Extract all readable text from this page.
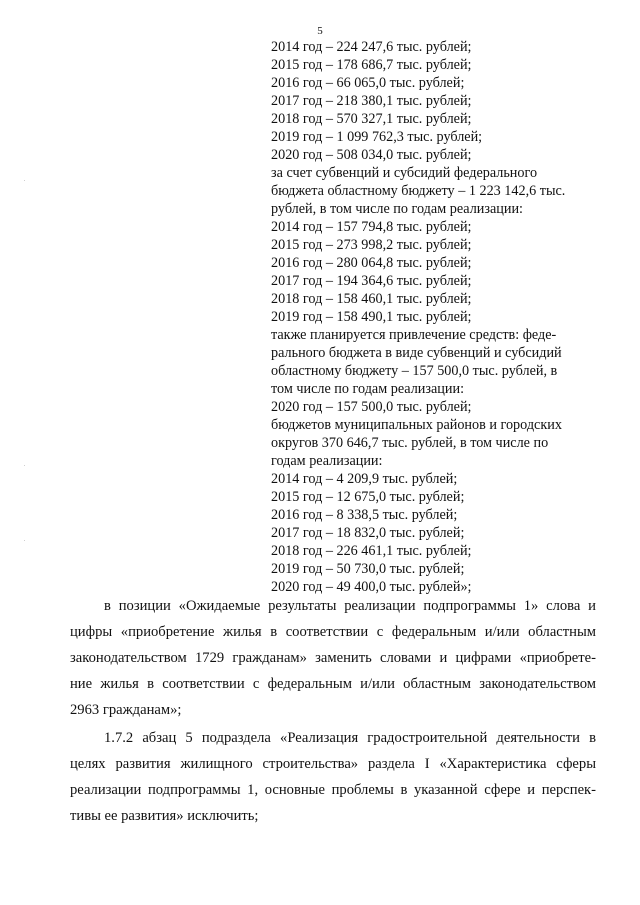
5
2014 год – 224 247,6 тыс. рублей;
2015 год – 178 686,7 тыс. рублей;
2016 год – 66 065,0 тыс. рублей;
2017 год – 218 380,1 тыс. рублей;
2018 год – 570 327,1 тыс. рублей;
2019 год – 1 099 762,3 тыс. рублей;
2020 год – 508 034,0 тыс. рублей;
за счет субвенций и субсидий федерального
бюджета областному бюджету – 1 223 142,6 тыс.
рублей, в том числе по годам реализации:
2014 год – 157 794,8 тыс. рублей;
2015 год – 273 998,2 тыс. рублей;
2016 год – 280 064,8 тыс. рублей;
2017 год – 194 364,6 тыс. рублей;
2018 год – 158 460,1 тыс. рублей;
2019 год – 158 490,1 тыс. рублей;
также планируется привлечение средств: феде-
рального бюджета в виде субвенций и субсидий
областному бюджету – 157 500,0 тыс. рублей, в
том числе по годам реализации:
2020 год – 157 500,0 тыс. рублей;
бюджетов муниципальных районов и городских
округов 370 646,7 тыс. рублей, в том числе по
годам реализации:
2014 год – 4 209,9 тыс. рублей;
2015 год – 12 675,0 тыс. рублей;
2016 год – 8 338,5 тыс. рублей;
2017 год – 18 832,0 тыс. рублей;
2018 год – 226 461,1 тыс. рублей;
2019 год – 50 730,0 тыс. рублей;
2020 год – 49 400,0 тыс. рублей»;
в позиции «Ожидаемые результаты реализации подпрограммы 1» слова и
цифры «приобретение жилья в соответствии с федеральным и/или областным
законодательством 1729 гражданам» заменить словами и цифрами «приобрете-
ние жилья в соответствии с федеральным и/или областным законодательством
2963 гражданам»;
1.7.2 абзац 5 подраздела «Реализация градостроительной деятельности в
целях развития жилищного строительства» раздела I «Характеристика сферы
реализации подпрограммы 1, основные проблемы в указанной сфере и перспек-
тивы ее развития» исключить;
